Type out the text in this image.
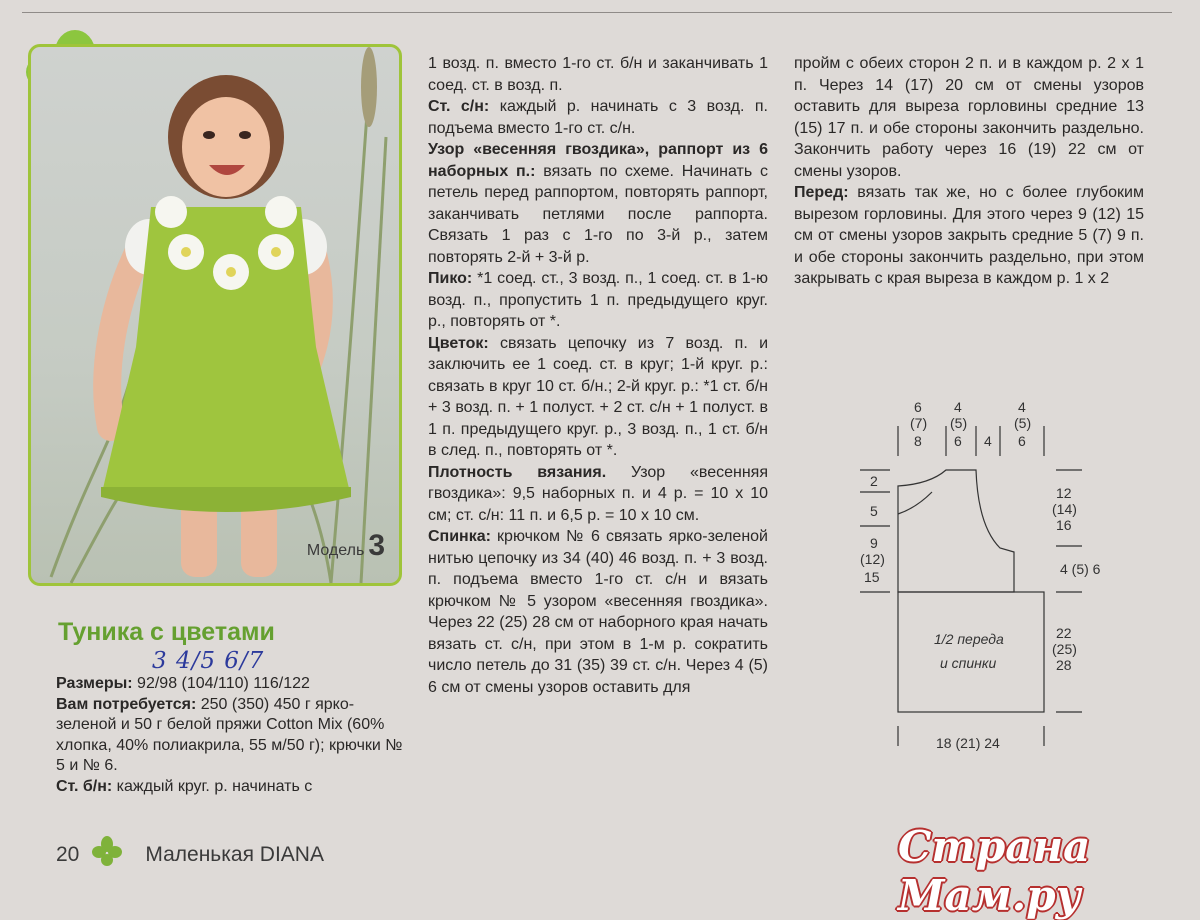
Модель 3
Туника с цветами
3 4/5 6/7

Размеры: 92/98 (104/110) 116/122

Вам потребуется: 250 (350) 450 г ярко-зеленой и 50 г белой пряжи Cotton Mix (60% хлопка, 40% полиакрила, 55 м/50 г); крючки № 5 и № 6.

Ст. б/н: каждый круг. р. начинать с

1 возд. п. вместо 1-го ст. б/н и заканчивать 1 соед. ст. в возд. п.

Ст. с/н: каждый р. начинать с 3 возд. п. подъема вместо 1-го ст. с/н.

Узор «весенняя гвоздика», раппорт из 6 наборных п.: вязать по схеме. Начинать с петель перед раппортом, повторять раппорт, заканчивать петлями после раппорта. Связать 1 раз с 1-го по 3-й р., затем повторять 2-й + 3-й р.

Пико: *1 соед. ст., 3 возд. п., 1 соед. ст. в 1-ю возд. п., пропустить 1 п. предыдущего круг. р., повторять от *.

Цветок: связать цепочку из 7 возд. п. и заключить ее 1 соед. ст. в круг; 1-й круг. р.: связать в круг 10 ст. б/н.; 2-й круг. р.: *1 ст. б/н + 3 возд. п. + 1 полуст. + 2 ст. с/н + 1 полуст. в 1 п. предыдущего круг. р., 3 возд. п., 1 ст. б/н в след. п., повторять от *.

Плотность вязания. Узор «весенняя гвоздика»: 9,5 наборных п. и 4 р. = 10 х 10 см; ст. с/н: 11 п. и 6,5 р. = 10 х 10 см.

Спинка: крючком № 6 связать ярко-зеленой нитью цепочку из 34 (40) 46 возд. п. + 3 возд. п. подъема вместо 1-го ст. с/н и вязать крючком № 5 узором «весенняя гвоздика». Через 22 (25) 28 см от наборного края начать вязать ст. с/н, при этом в 1-м р. сократить число петель до 31 (35) 39 ст. с/н. Через 4 (5) 6 см от смены узоров оставить для

пройм с обеих сторон 2 п. и в каждом р. 2 х 1 п. Через 14 (17) 20 см от смены узоров оставить для выреза горловины средние 13 (15) 17 п. и обе стороны закончить раздельно. Закончить работу через 16 (19) 22 см от смены узоров.

Перед: вязать так же, но с более глубоким вырезом горловины. Для этого через 9 (12) 15 см от смены узоров закрыть средние 5 (7) 9 п. и обе стороны закончить раздельно, при этом закрывать с края выреза в каждом р. 1 х 2

6
(7)
8
4
(5)
6 4
4
(5)
6
2
5
9
(12)
15
12
(14)
16
4 (5) 6
22
(25)
28
1/2 переда
и спинки
18 (21) 24
20	Маленькая DIANA	Страна Мам.ру
